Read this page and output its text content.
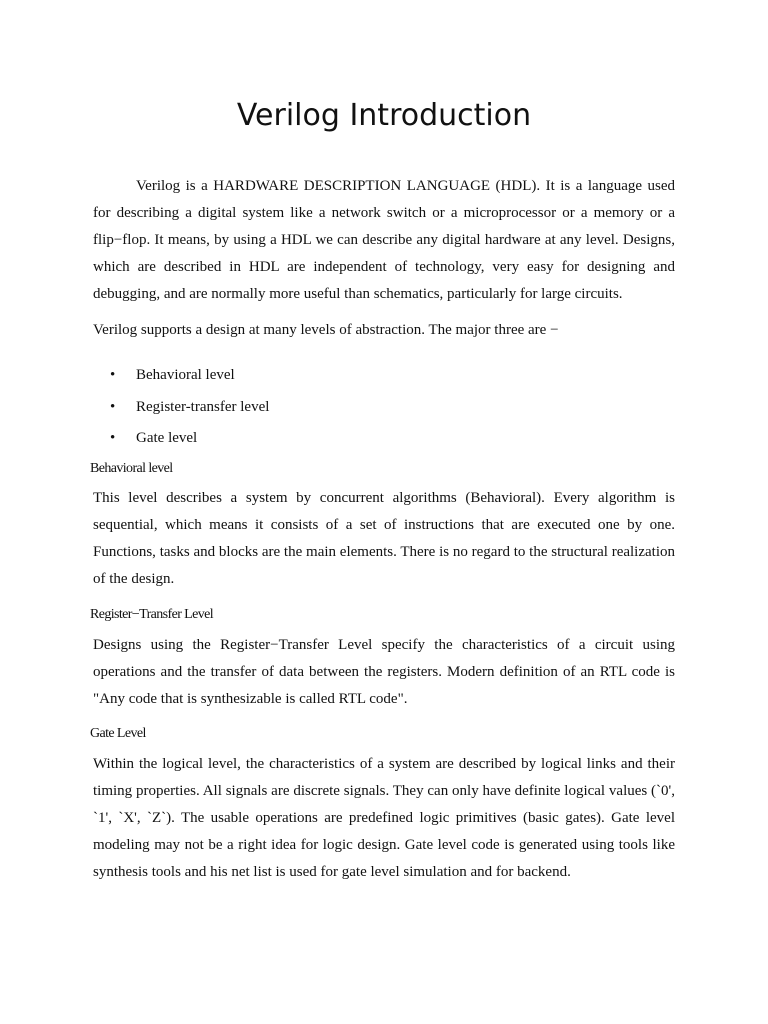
Verilog Introduction

Verilog is a HARDWARE DESCRIPTION LANGUAGE (HDL). It is a language used for describing a digital system like a network switch or a microprocessor or a memory or a flip−flop. It means, by using a HDL we can describe any digital hardware at any level. Designs, which are described in HDL are independent of technology, very easy for designing and debugging, and are normally more useful than schematics, particularly for large circuits.

Verilog supports a design at many levels of abstraction. The major three are −

• Behavioral level
• Register-transfer level
• Gate level
Behavioral level

This level describes a system by concurrent algorithms (Behavioral). Every algorithm is sequential, which means it consists of a set of instructions that are executed one by one. Functions, tasks and blocks are the main elements. There is no regard to the structural realization of the design.

Register−Transfer Level

Designs using the Register−Transfer Level specify the characteristics of a circuit using operations and the transfer of data between the registers. Modern definition of an RTL code is "Any code that is synthesizable is called RTL code".

Gate Level

Within the logical level, the characteristics of a system are described by logical links and their timing properties. All signals are discrete signals. They can only have definite logical values (`0', `1', `X', `Z`). The usable operations are predefined logic primitives (basic gates). Gate level modeling may not be a right idea for logic design. Gate level code is generated using tools like synthesis tools and his net list is used for gate level simulation and for backend.
